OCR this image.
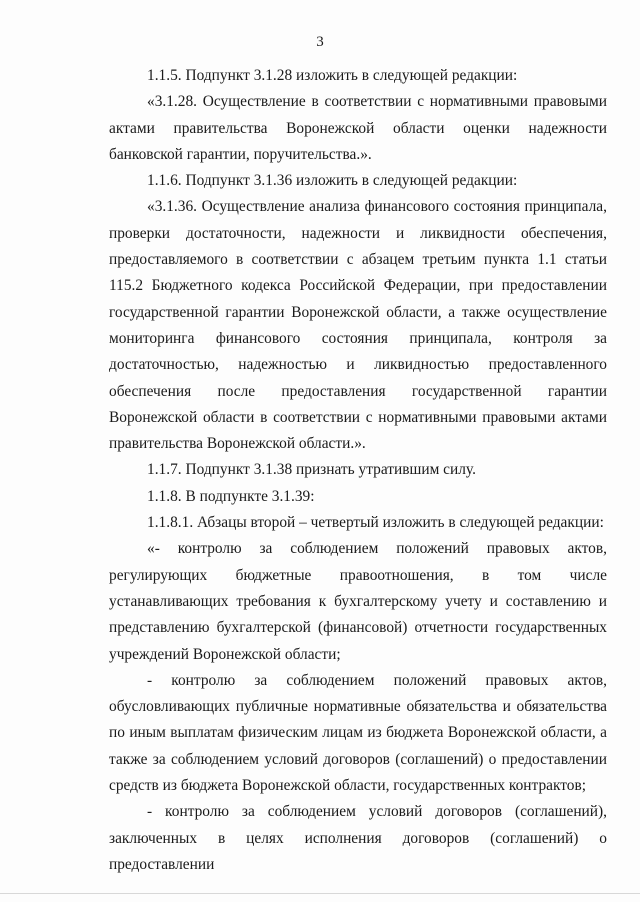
3

1.1.5. Подпункт 3.1.28 изложить в следующей редакции:

«3.1.28. Осуществление в соответствии с нормативными правовыми актами правительства Воронежской области оценки надежности банковской гарантии, поручительства.».

1.1.6. Подпункт 3.1.36 изложить в следующей редакции:

«3.1.36. Осуществление анализа финансового состояния принципала, проверки достаточности, надежности и ликвидности обеспечения, предоставляемого в соответствии с абзацем третьим пункта 1.1 статьи 115.2 Бюджетного кодекса Российской Федерации, при предоставлении государственной гарантии Воронежской области, а также осуществление мониторинга финансового состояния принципала, контроля за достаточностью, надежностью и ликвидностью предоставленного обеспечения после предоставления государственной гарантии Воронежской области в соответствии с нормативными правовыми актами правительства Воронежской области.».

1.1.7. Подпункт 3.1.38 признать утратившим силу.

1.1.8. В подпункте 3.1.39:

1.1.8.1. Абзацы второй – четвертый изложить в следующей редакции:

«- контролю за соблюдением положений правовых актов, регулирующих бюджетные правоотношения, в том числе устанавливающих требования к бухгалтерскому учету и составлению и представлению бухгалтерской (финансовой) отчетности государственных учреждений Воронежской области;

- контролю за соблюдением положений правовых актов, обусловливающих публичные нормативные обязательства и обязательства по иным выплатам физическим лицам из бюджета Воронежской области, а также за соблюдением условий договоров (соглашений) о предоставлении средств из бюджета Воронежской области, государственных контрактов;

- контролю за соблюдением условий договоров (соглашений), заключенных в целях исполнения договоров (соглашений) о предоставлении
